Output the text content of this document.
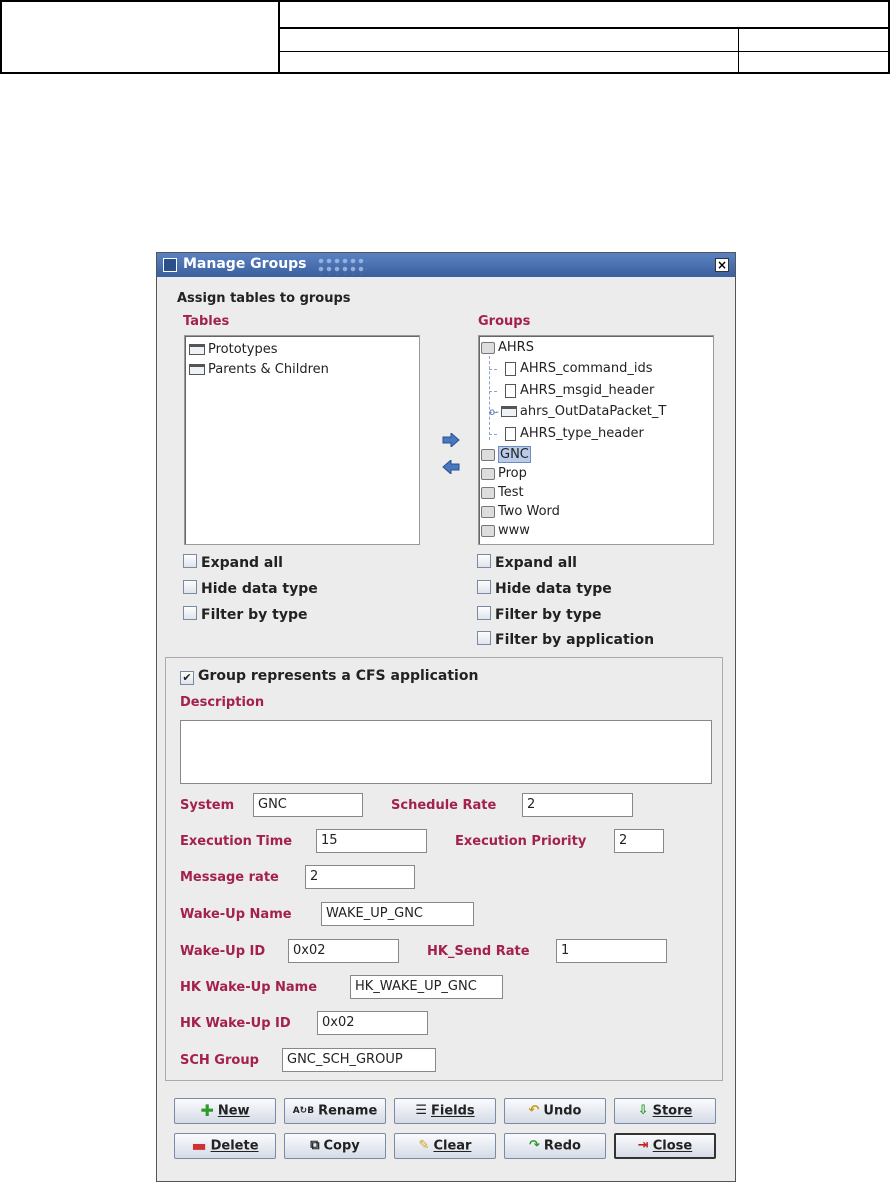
Manage Groups	×
Assign tables to groups
Tables	Groups
Prototypes
Parents & Children
AHRS
AHRS_command_ids
AHRS_msgid_header
o- ahrs_OutDataPacket_T
AHRS_type_header
GNC
Prop
Test
Two Word
www
Expand all
Hide data type
Filter by type
Expand all
Hide data type
Filter by type
Filter by application
✔ Group represents a CFS application
Description
System	GNC	Schedule Rate	2
Execution Time	15	Execution Priority	2
Message rate	2
Wake-Up Name	WAKE_UP_GNC
Wake-Up ID	0x02	HK_Send Rate	1
HK Wake-Up Name	HK_WAKE_UP_GNC
HK Wake-Up ID	0x02
SCH Group	GNC_SCH_GROUP
✚ New	A↻B Rename	☰ Fields	↶ Undo	⇩ Store
▬ Delete	⧉ Copy	✎ Clear	↷ Redo	⇥ Close
